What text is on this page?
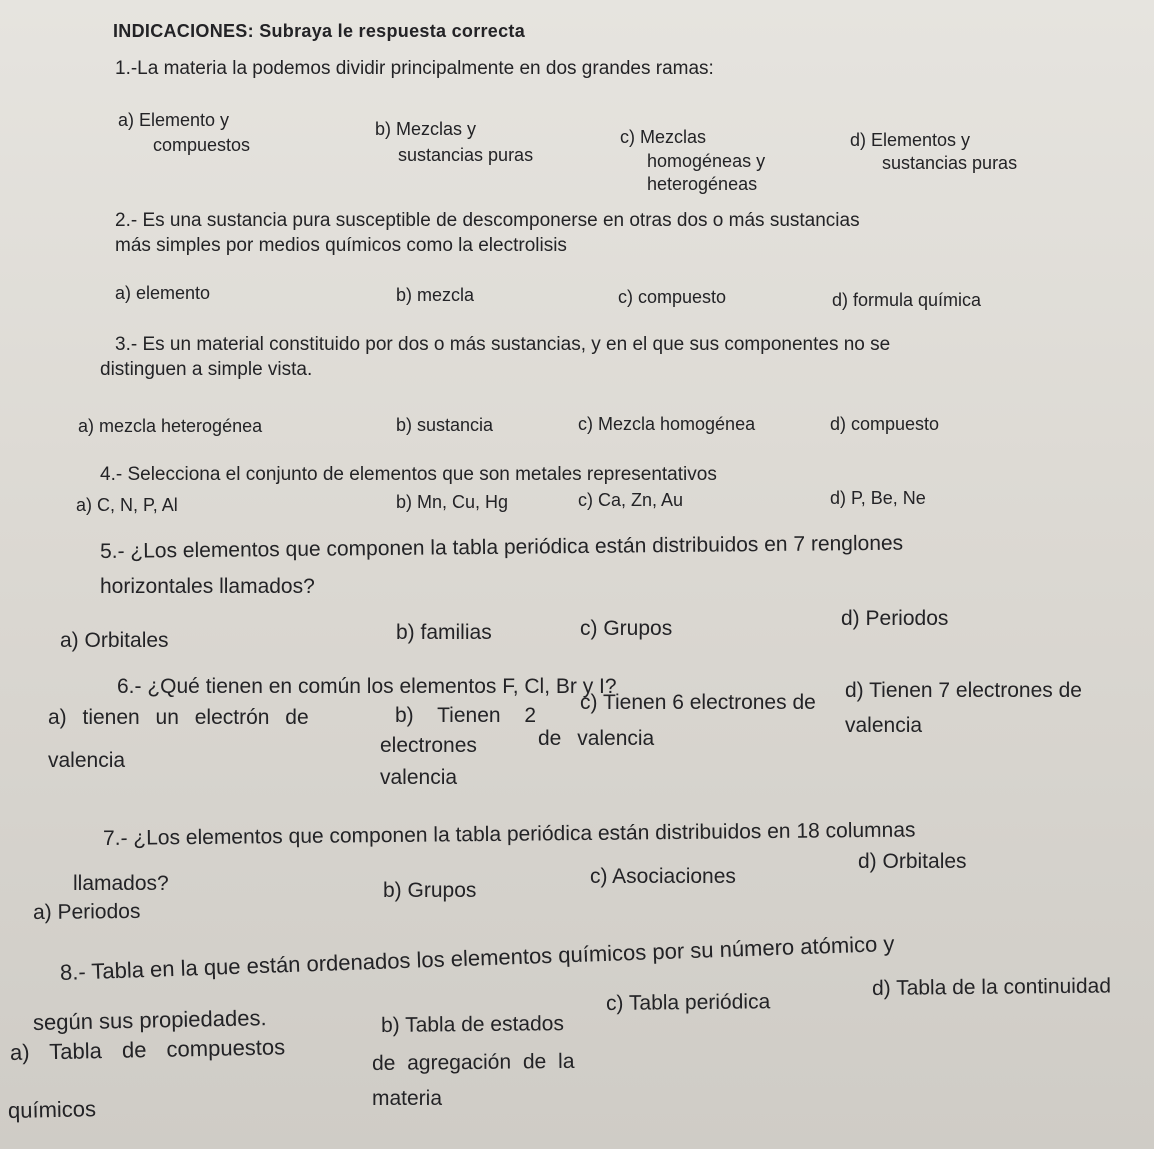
INDICACIONES: Subraya le respuesta correcta
1.-La materia la podemos dividir principalmente en dos grandes ramas:
a) Elemento y
compuestos
b) Mezclas y
sustancias puras
c) Mezclas
homogéneas y
heterogéneas
d) Elementos y
sustancias puras
2.- Es una sustancia pura susceptible de descomponerse en otras dos o más sustancias
más simples por medios químicos como la electrolisis
a) elemento	b) mezcla	c) compuesto	d) formula química
3.- Es un material constituido por dos o más sustancias, y en el que sus componentes no se
distinguen a simple vista.
a) mezcla heterogénea	b) sustancia	c) Mezcla homogénea	d) compuesto
4.- Selecciona el conjunto de elementos que son metales representativos
a) C, N, P, Al	b) Mn, Cu, Hg	c) Ca, Zn, Au	d) P, Be, Ne
5.- ¿Los elementos que componen la tabla periódica están distribuidos en 7 renglones
horizontales llamados?
a) Orbitales	b) familias	c) Grupos	d) Periodos
6.- ¿Qué tienen en común los elementos F, Cl, Br y I?
a) tienen un electrón de
valencia
b) Tienen 2
electrones
valencia
c) Tienen 6 electrones de
de valencia
d) Tienen 7 electrones de
valencia
7.- ¿Los elementos que componen la tabla periódica están distribuidos en 18 columnas
llamados?
a) Periodos
b) Grupos
c) Asociaciones
d) Orbitales
8.- Tabla en la que están ordenados los elementos químicos por su número atómico y
según sus propiedades.
a) Tabla de compuestos
químicos
b) Tabla de estados
de agregación de la
materia
c) Tabla periódica
d) Tabla de la continuidad
